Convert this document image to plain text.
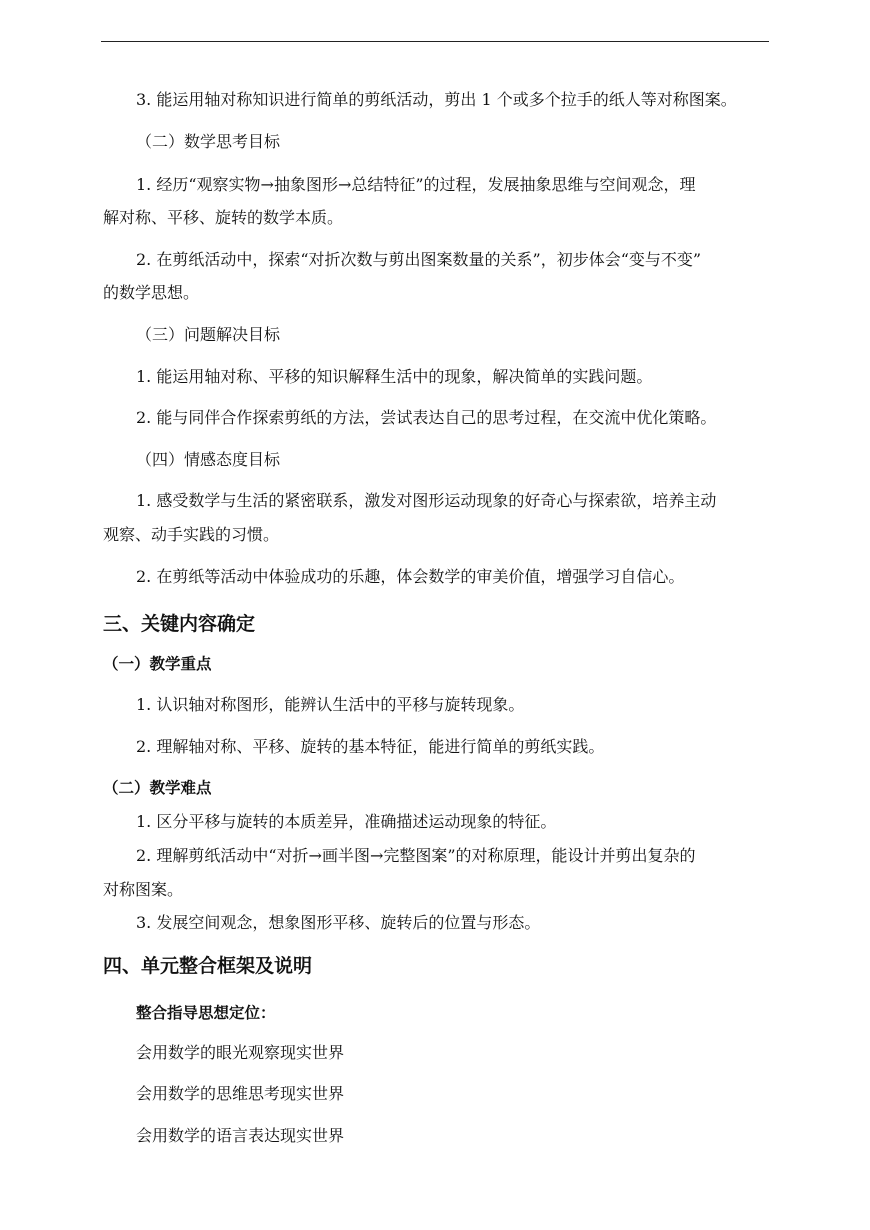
3. 能运用轴对称知识进行简单的剪纸活动，剪出 1 个或多个拉手的纸人等对称图案。
（二）数学思考目标
1. 经历“观察实物→抽象图形→总结特征”的过程，发展抽象思维与空间观念，理
解对称、平移、旋转的数学本质。
2. 在剪纸活动中，探索“对折次数与剪出图案数量的关系”，初步体会“变与不变”
的数学思想。
（三）问题解决目标
1. 能运用轴对称、平移的知识解释生活中的现象，解决简单的实践问题。
2. 能与同伴合作探索剪纸的方法，尝试表达自己的思考过程，在交流中优化策略。
（四）情感态度目标
1. 感受数学与生活的紧密联系，激发对图形运动现象的好奇心与探索欲，培养主动
观察、动手实践的习惯。
2. 在剪纸等活动中体验成功的乐趣，体会数学的审美价值，增强学习自信心。
三、关键内容确定
（一）教学重点
1. 认识轴对称图形，能辨认生活中的平移与旋转现象。
2. 理解轴对称、平移、旋转的基本特征，能进行简单的剪纸实践。
（二）教学难点
1. 区分平移与旋转的本质差异，准确描述运动现象的特征。
2. 理解剪纸活动中“对折→画半图→完整图案”的对称原理，能设计并剪出复杂的
对称图案。
3. 发展空间观念，想象图形平移、旋转后的位置与形态。
四、单元整合框架及说明
整合指导思想定位：
会用数学的眼光观察现实世界
会用数学的思维思考现实世界
会用数学的语言表达现实世界
